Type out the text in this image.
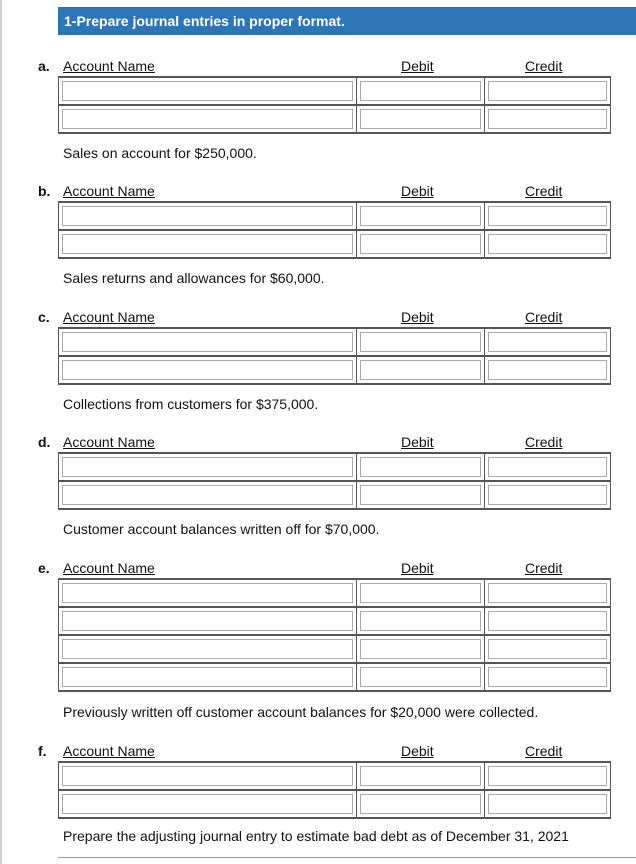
1-Prepare journal entries in proper format.
a. Account Name	Debit	Credit
Sales on account for $250,000.
b. Account Name	Debit	Credit
Sales returns and allowances for $60,000.
c. Account Name	Debit	Credit
Collections from customers for $375,000.
d. Account Name	Debit	Credit
Customer account balances written off for $70,000.
e. Account Name	Debit	Credit
Previously written off customer account balances for $20,000 were collected.
f. Account Name	Debit	Credit
Prepare the adjusting journal entry to estimate bad debt as of December 31, 2021
